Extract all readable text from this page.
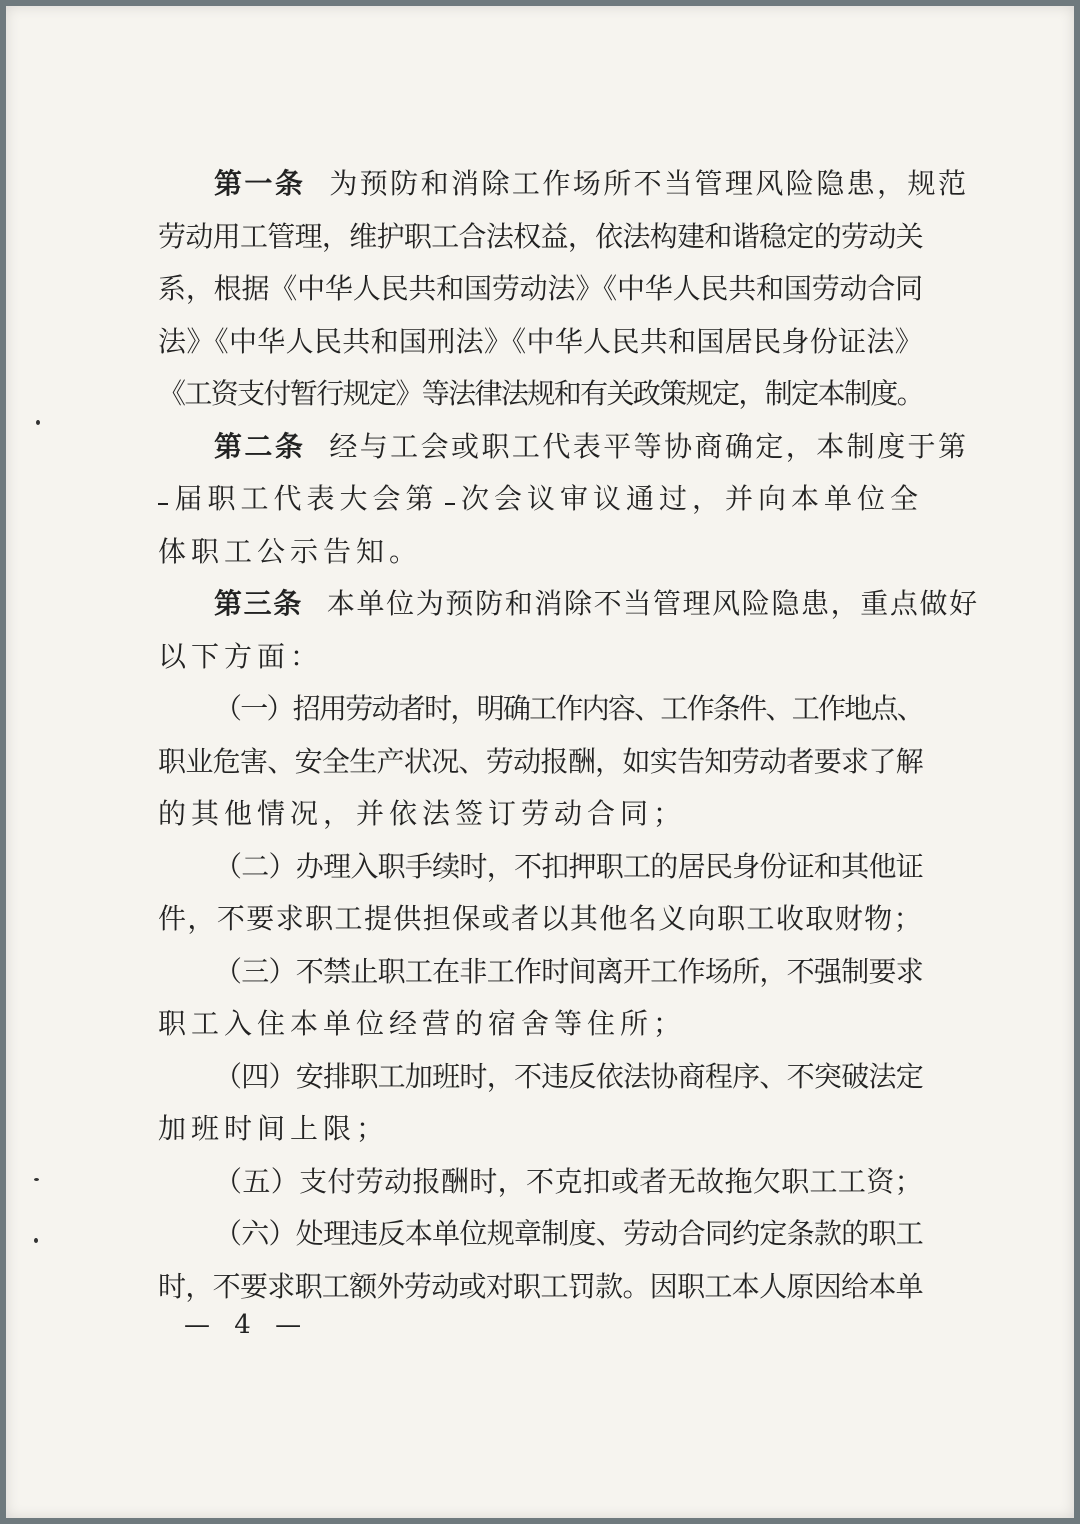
第一条 为预防和消除工作场所不当管理风险隐患，规范
劳动用工管理，维护职工合法权益，依法构建和谐稳定的劳动关
系，根据《中华人民共和国劳动法》《中华人民共和国劳动合同
法》《中华人民共和国刑法》《中华人民共和国居民身份证法》
《工资支付暂行规定》等法律法规和有关政策规定，制定本制度。
第二条 经与工会或职工代表平等协商确定，本制度于第
届职工代表大会第 次会议审议通过，并向本单位全
体职工公示告知。
第三条 本单位为预防和消除不当管理风险隐患，重点做好
以下方面：
（一）招用劳动者时，明确工作内容、工作条件、工作地点、
职业危害、安全生产状况、劳动报酬，如实告知劳动者要求了解
的其他情况，并依法签订劳动合同；
（二）办理入职手续时，不扣押职工的居民身份证和其他证
件，不要求职工提供担保或者以其他名义向职工收取财物；
（三）不禁止职工在非工作时间离开工作场所，不强制要求
职工入住本单位经营的宿舍等住所；
（四）安排职工加班时，不违反依法协商程序、不突破法定
加班时间上限；
（五）支付劳动报酬时，不克扣或者无故拖欠职工工资；
（六）处理违反本单位规章制度、劳动合同约定条款的职工
时，不要求职工额外劳动或对职工罚款。因职工本人原因给本单
— 4 —
